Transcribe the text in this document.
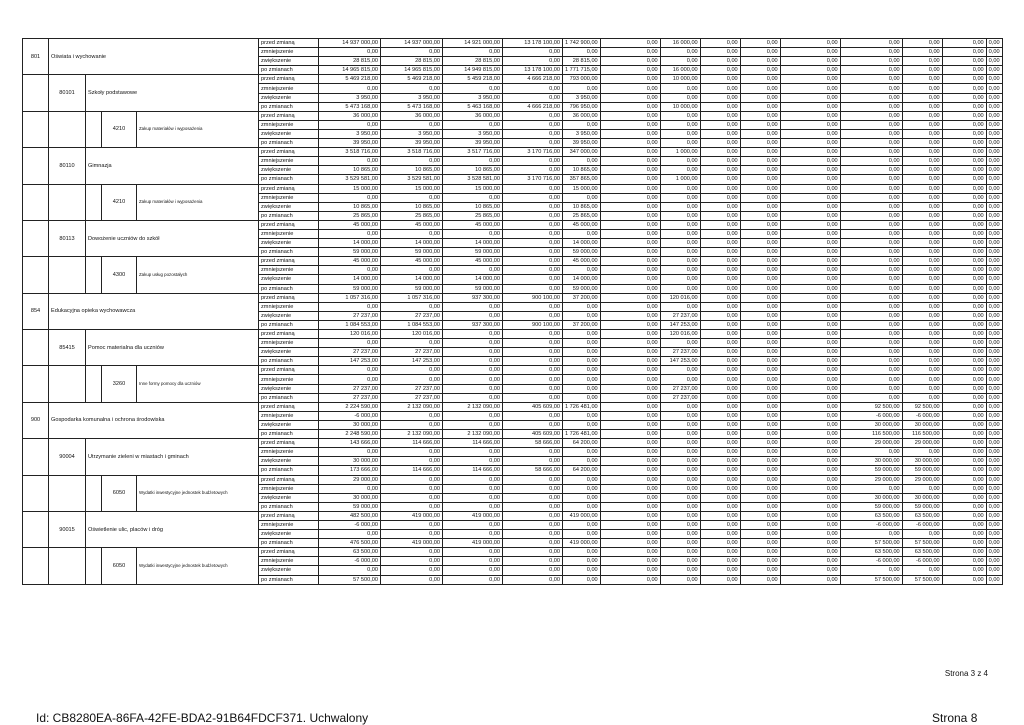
801	Oświata i wychowanie				przed zmianą	14 937 000,00	14 937 000,00	14 921 000,00	13 178 100,00	1 742 900,00	0,00	16 000,00	0,00	0,00	0,00	0,00	0,00	0,00	0,00
					zmniejszenie	0,00	0,00	0,00	0,00	0,00	0,00	0,00	0,00	0,00	0,00	0,00	0,00	0,00	0,00
					zwiększenie	28 815,00	28 815,00	28 815,00	0,00	28 815,00	0,00	0,00	0,00	0,00	0,00	0,00	0,00	0,00	0,00
					po zmianach	14 965 815,00	14 965 815,00	14 949 815,00	13 178 100,00	1 771 715,00	0,00	16 000,00	0,00	0,00	0,00	0,00	0,00	0,00	0,00
	80101	Szkoły podstawowe			przed zmianą	5 469 218,00	5 469 218,00	5 459 218,00	4 666 218,00	793 000,00	0,00	10 000,00	0,00	0,00	0,00	0,00	0,00	0,00	0,00
					zmniejszenie	0,00	0,00	0,00	0,00	0,00	0,00	0,00	0,00	0,00	0,00	0,00	0,00	0,00	0,00
					zwiększenie	3 950,00	3 950,00	3 950,00	0,00	3 950,00	0,00	0,00	0,00	0,00	0,00	0,00	0,00	0,00	0,00
					po zmianach	5 473 168,00	5 473 168,00	5 463 168,00	4 666 218,00	796 950,00	0,00	10 000,00	0,00	0,00	0,00	0,00	0,00	0,00	0,00
			4210	Zakup materiałów i wyposażenia	przed zmianą	36 000,00	36 000,00	36 000,00	0,00	36 000,00	0,00	0,00	0,00	0,00	0,00	0,00	0,00	0,00	0,00
					zmniejszenie	0,00	0,00	0,00	0,00	0,00	0,00	0,00	0,00	0,00	0,00	0,00	0,00	0,00	0,00
					zwiększenie	3 950,00	3 950,00	3 950,00	0,00	3 950,00	0,00	0,00	0,00	0,00	0,00	0,00	0,00	0,00	0,00
					po zmianach	39 950,00	39 950,00	39 950,00	0,00	39 950,00	0,00	0,00	0,00	0,00	0,00	0,00	0,00	0,00	0,00
	80110	Gimnazja			przed zmianą	3 518 716,00	3 518 716,00	3 517 716,00	3 170 716,00	347 000,00	0,00	1 000,00	0,00	0,00	0,00	0,00	0,00	0,00	0,00
					zmniejszenie	0,00	0,00	0,00	0,00	0,00	0,00	0,00	0,00	0,00	0,00	0,00	0,00	0,00	0,00
					zwiększenie	10 865,00	10 865,00	10 865,00	0,00	10 865,00	0,00	0,00	0,00	0,00	0,00	0,00	0,00	0,00	0,00
					po zmianach	3 529 581,00	3 529 581,00	3 528 581,00	3 170 716,00	357 865,00	0,00	1 000,00	0,00	0,00	0,00	0,00	0,00	0,00	0,00
			4210	Zakup materiałów i wyposażenia	przed zmianą	15 000,00	15 000,00	15 000,00	0,00	15 000,00	0,00	0,00	0,00	0,00	0,00	0,00	0,00	0,00	0,00
					zmniejszenie	0,00	0,00	0,00	0,00	0,00	0,00	0,00	0,00	0,00	0,00	0,00	0,00	0,00	0,00
					zwiększenie	10 865,00	10 865,00	10 865,00	0,00	10 865,00	0,00	0,00	0,00	0,00	0,00	0,00	0,00	0,00	0,00
					po zmianach	25 865,00	25 865,00	25 865,00	0,00	25 865,00	0,00	0,00	0,00	0,00	0,00	0,00	0,00	0,00	0,00
	80113	Dowożenie uczniów do szkół			przed zmianą	45 000,00	45 000,00	45 000,00	0,00	45 000,00	0,00	0,00	0,00	0,00	0,00	0,00	0,00	0,00	0,00
					zmniejszenie	0,00	0,00	0,00	0,00	0,00	0,00	0,00	0,00	0,00	0,00	0,00	0,00	0,00	0,00
					zwiększenie	14 000,00	14 000,00	14 000,00	0,00	14 000,00	0,00	0,00	0,00	0,00	0,00	0,00	0,00	0,00	0,00
					po zmianach	59 000,00	59 000,00	59 000,00	0,00	59 000,00	0,00	0,00	0,00	0,00	0,00	0,00	0,00	0,00	0,00
			4300	Zakup usług pozostałych	przed zmianą	45 000,00	45 000,00	45 000,00	0,00	45 000,00	0,00	0,00	0,00	0,00	0,00	0,00	0,00	0,00	0,00
					zmniejszenie	0,00	0,00	0,00	0,00	0,00	0,00	0,00	0,00	0,00	0,00	0,00	0,00	0,00	0,00
					zwiększenie	14 000,00	14 000,00	14 000,00	0,00	14 000,00	0,00	0,00	0,00	0,00	0,00	0,00	0,00	0,00	0,00
					po zmianach	59 000,00	59 000,00	59 000,00	0,00	59 000,00	0,00	0,00	0,00	0,00	0,00	0,00	0,00	0,00	0,00
854	Edukacyjna opieka wychowawcza				przed zmianą	1 057 316,00	1 057 316,00	937 300,00	900 100,00	37 200,00	0,00	120 016,00	0,00	0,00	0,00	0,00	0,00	0,00	0,00
					zmniejszenie	0,00	0,00	0,00	0,00	0,00	0,00	0,00	0,00	0,00	0,00	0,00	0,00	0,00	0,00
					zwiększenie	27 237,00	27 237,00	0,00	0,00	0,00	0,00	27 237,00	0,00	0,00	0,00	0,00	0,00	0,00	0,00
					po zmianach	1 084 553,00	1 084 553,00	937 300,00	900 100,00	37 200,00	0,00	147 253,00	0,00	0,00	0,00	0,00	0,00	0,00	0,00
	85415	Pomoc materialna dla uczniów			przed zmianą	120 016,00	120 016,00	0,00	0,00	0,00	0,00	120 016,00	0,00	0,00	0,00	0,00	0,00	0,00	0,00
					zmniejszenie	0,00	0,00	0,00	0,00	0,00	0,00	0,00	0,00	0,00	0,00	0,00	0,00	0,00	0,00
					zwiększenie	27 237,00	27 237,00	0,00	0,00	0,00	0,00	27 237,00	0,00	0,00	0,00	0,00	0,00	0,00	0,00
					po zmianach	147 253,00	147 253,00	0,00	0,00	0,00	0,00	147 253,00	0,00	0,00	0,00	0,00	0,00	0,00	0,00
			3260	Inne formy pomocy dla uczniów	przed zmianą	0,00	0,00	0,00	0,00	0,00	0,00	0,00	0,00	0,00	0,00	0,00	0,00	0,00	0,00
					zmniejszenie	0,00	0,00	0,00	0,00	0,00	0,00	0,00	0,00	0,00	0,00	0,00	0,00	0,00	0,00
					zwiększenie	27 237,00	27 237,00	0,00	0,00	0,00	0,00	27 237,00	0,00	0,00	0,00	0,00	0,00	0,00	0,00
					po zmianach	27 237,00	27 237,00	0,00	0,00	0,00	0,00	27 237,00	0,00	0,00	0,00	0,00	0,00	0,00	0,00
900	Gospodarka komunalna i ochrona środowiska				przed zmianą	2 224 590,00	2 132 090,00	2 132 090,00	405 609,00	1 726 481,00	0,00	0,00	0,00	0,00	0,00	92 500,00	92 500,00	0,00	0,00
					zmniejszenie	-6 000,00	0,00	0,00	0,00	0,00	0,00	0,00	0,00	0,00	0,00	-6 000,00	-6 000,00	0,00	0,00
					zwiększenie	30 000,00	0,00	0,00	0,00	0,00	0,00	0,00	0,00	0,00	0,00	30 000,00	30 000,00	0,00	0,00
					po zmianach	2 248 590,00	2 132 090,00	2 132 090,00	405 609,00	1 726 481,00	0,00	0,00	0,00	0,00	0,00	116 500,00	116 500,00	0,00	0,00
	90004	Utrzymanie zieleni w miastach i gminach			przed zmianą	143 666,00	114 666,00	114 666,00	58 666,00	64 200,00	0,00	0,00	0,00	0,00	0,00	29 000,00	29 000,00	0,00	0,00
					zmniejszenie	0,00	0,00	0,00	0,00	0,00	0,00	0,00	0,00	0,00	0,00	0,00	0,00	0,00	0,00
					zwiększenie	30 000,00	0,00	0,00	0,00	0,00	0,00	0,00	0,00	0,00	0,00	30 000,00	30 000,00	0,00	0,00
					po zmianach	173 666,00	114 666,00	114 666,00	58 666,00	64 200,00	0,00	0,00	0,00	0,00	0,00	59 000,00	59 000,00	0,00	0,00
			6050	Wydatki inwestycyjne jednostek budżetowych	przed zmianą	29 000,00	0,00	0,00	0,00	0,00	0,00	0,00	0,00	0,00	0,00	29 000,00	29 000,00	0,00	0,00
					zmniejszenie	0,00	0,00	0,00	0,00	0,00	0,00	0,00	0,00	0,00	0,00	0,00	0,00	0,00	0,00
					zwiększenie	30 000,00	0,00	0,00	0,00	0,00	0,00	0,00	0,00	0,00	0,00	30 000,00	30 000,00	0,00	0,00
					po zmianach	59 000,00	0,00	0,00	0,00	0,00	0,00	0,00	0,00	0,00	0,00	59 000,00	59 000,00	0,00	0,00
	90015	Oświetlenie ulic, placów i dróg			przed zmianą	482 500,00	419 000,00	419 000,00	0,00	419 000,00	0,00	0,00	0,00	0,00	0,00	63 500,00	63 500,00	0,00	0,00
					zmniejszenie	-6 000,00	0,00	0,00	0,00	0,00	0,00	0,00	0,00	0,00	0,00	-6 000,00	-6 000,00	0,00	0,00
					zwiększenie	0,00	0,00	0,00	0,00	0,00	0,00	0,00	0,00	0,00	0,00	0,00	0,00	0,00	0,00
					po zmianach	476 500,00	419 000,00	419 000,00	0,00	419 000,00	0,00	0,00	0,00	0,00	0,00	57 500,00	57 500,00	0,00	0,00
			6050	Wydatki inwestycyjne jednostek budżetowych	przed zmianą	63 500,00	0,00	0,00	0,00	0,00	0,00	0,00	0,00	0,00	0,00	63 500,00	63 500,00	0,00	0,00
					zmniejszenie	-6 000,00	0,00	0,00	0,00	0,00	0,00	0,00	0,00	0,00	0,00	-6 000,00	-6 000,00	0,00	0,00
					zwiększenie	0,00	0,00	0,00	0,00	0,00	0,00	0,00	0,00	0,00	0,00	0,00	0,00	0,00	0,00
					po zmianach	57 500,00	0,00	0,00	0,00	0,00	0,00	0,00	0,00	0,00	0,00	57 500,00	57 500,00	0,00	0,00
Strona 3 z 4
Id: CB8280EA-86FA-42FE-BDA2-91B64FDCF371. Uchwalony	Strona 8
